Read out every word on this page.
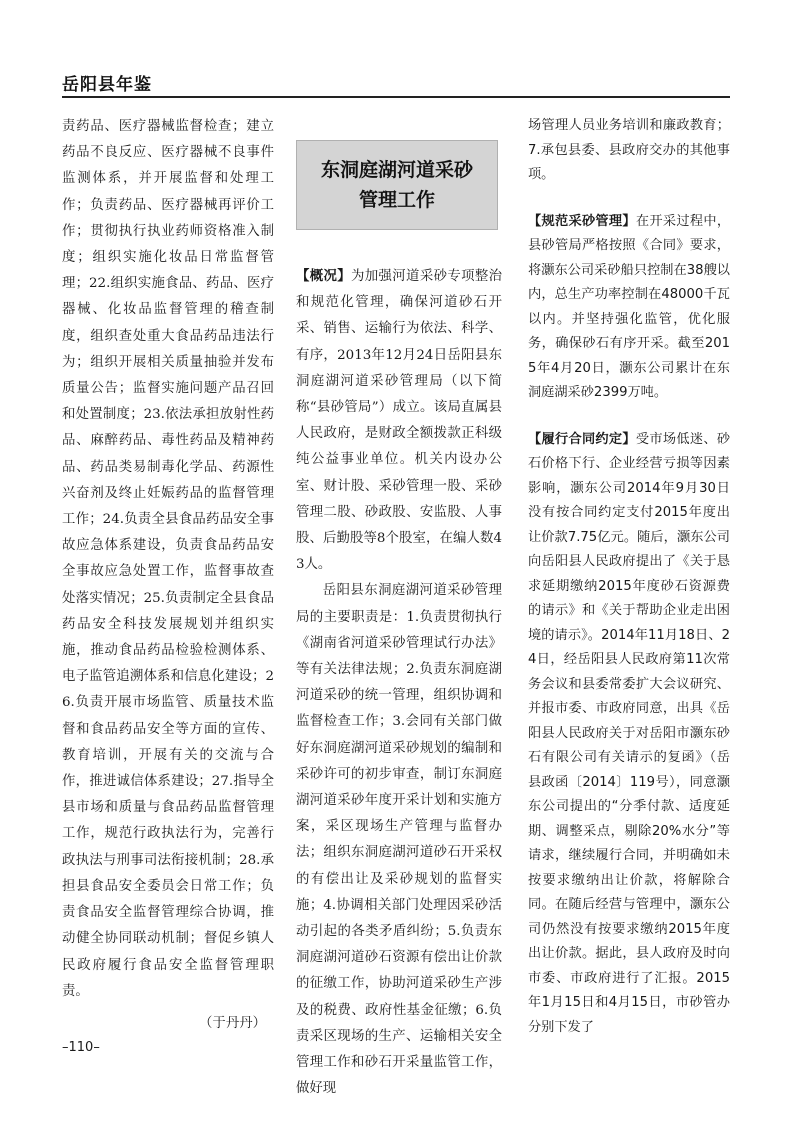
岳阳县年鉴

责药品、医疗器械监督检查；建立药品不良反应、医疗器械不良事件监测体系，并开展监督和处理工作；负责药品、医疗器械再评价工作；贯彻执行执业药师资格准入制度；组织实施化妆品日常监督管理；22.组织实施食品、药品、医疗器械、化妆品监督管理的稽查制度，组织查处重大食品药品违法行为；组织开展相关质量抽验并发布质量公告；监督实施问题产品召回和处置制度；23.依法承担放射性药品、麻醉药品、毒性药品及精神药品、药品类易制毒化学品、药源性兴奋剂及终止妊娠药品的监督管理工作；24.负责全县食品药品安全事故应急体系建设，负责食品药品安全事故应急处置工作，监督事故查处落实情况；25.负责制定全县食品药品安全科技发展规划并组织实施，推动食品药品检验检测体系、电子监管追溯体系和信息化建设；26.负责开展市场监管、质量技术监督和食品药品安全等方面的宣传、教育培训，开展有关的交流与合作，推进诚信体系建设；27.指导全县市场和质量与食品药品监督管理工作，规范行政执法行为，完善行政执法与刑事司法衔接机制；28.承担县食品安全委员会日常工作；负责食品安全监督管理综合协调，推动健全协同联动机制；督促乡镇人民政府履行食品安全监督管理职责。

（于丹丹）

东洞庭湖河道采砂
管理工作

【概况】为加强河道采砂专项整治和规范化管理，确保河道砂石开采、销售、运输行为依法、科学、有序，2013年12月24日岳阳县东洞庭湖河道采砂管理局（以下简称“县砂管局”）成立。该局直属县人民政府，是财政全额拨款正科级纯公益事业单位。机关内设办公室、财计股、采砂管理一股、采砂管理二股、砂政股、安监股、人事股、后勤股等8个股室，在编人数43人。

岳阳县东洞庭湖河道采砂管理局的主要职责是：1.负责贯彻执行《湖南省河道采砂管理试行办法》等有关法律法规；2.负责东洞庭湖河道采砂的统一管理，组织协调和监督检查工作；3.会同有关部门做好东洞庭湖河道采砂规划的编制和采砂许可的初步审查，制订东洞庭湖河道采砂年度开采计划和实施方案，采区现场生产管理与监督办法；组织东洞庭湖河道砂石开采权的有偿出让及采砂规划的监督实施；4.协调相关部门处理因采砂活动引起的各类矛盾纠纷；5.负责东洞庭湖河道砂石资源有偿出让价款的征缴工作，协助河道采砂生产涉及的税费、政府性基金征缴；6.负责采区现场的生产、运输相关安全管理工作和砂石开采量监管工作，做好现

场管理人员业务培训和廉政教育；7.承包县委、县政府交办的其他事项。

【规范采砂管理】在开采过程中，县砂管局严格按照《合同》要求，将灏东公司采砂船只控制在38艘以内，总生产功率控制在48000千瓦以内。并坚持强化监管，优化服务，确保砂石有序开采。截至2015年4月20日，灏东公司累计在东洞庭湖采砂2399万吨。

【履行合同约定】受市场低迷、砂石价格下行、企业经营亏损等因素影响，灏东公司2014年9月30日没有按合同约定支付2015年度出让价款7.75亿元。随后，灏东公司向岳阳县人民政府提出了《关于恳求延期缴纳2015年度砂石资源费的请示》和《关于帮助企业走出困境的请示》。2014年11月18日、24日，经岳阳县人民政府第11次常务会议和县委常委扩大会议研究、并报市委、市政府同意，出具《岳阳县人民政府关于对岳阳市灏东砂石有限公司有关请示的复函》（岳县政函〔2014〕119号），同意灏东公司提出的“分季付款、适度延期、调整采点，剔除20%水分”等请求，继续履行合同，并明确如未按要求缴纳出让价款，将解除合同。在随后经营与管理中，灏东公司仍然没有按要求缴纳2015年度出让价款。据此，县人政府及时向市委、市政府进行了汇报。2015年1月15日和4月15日，市砂管办分别下发了

–110–
